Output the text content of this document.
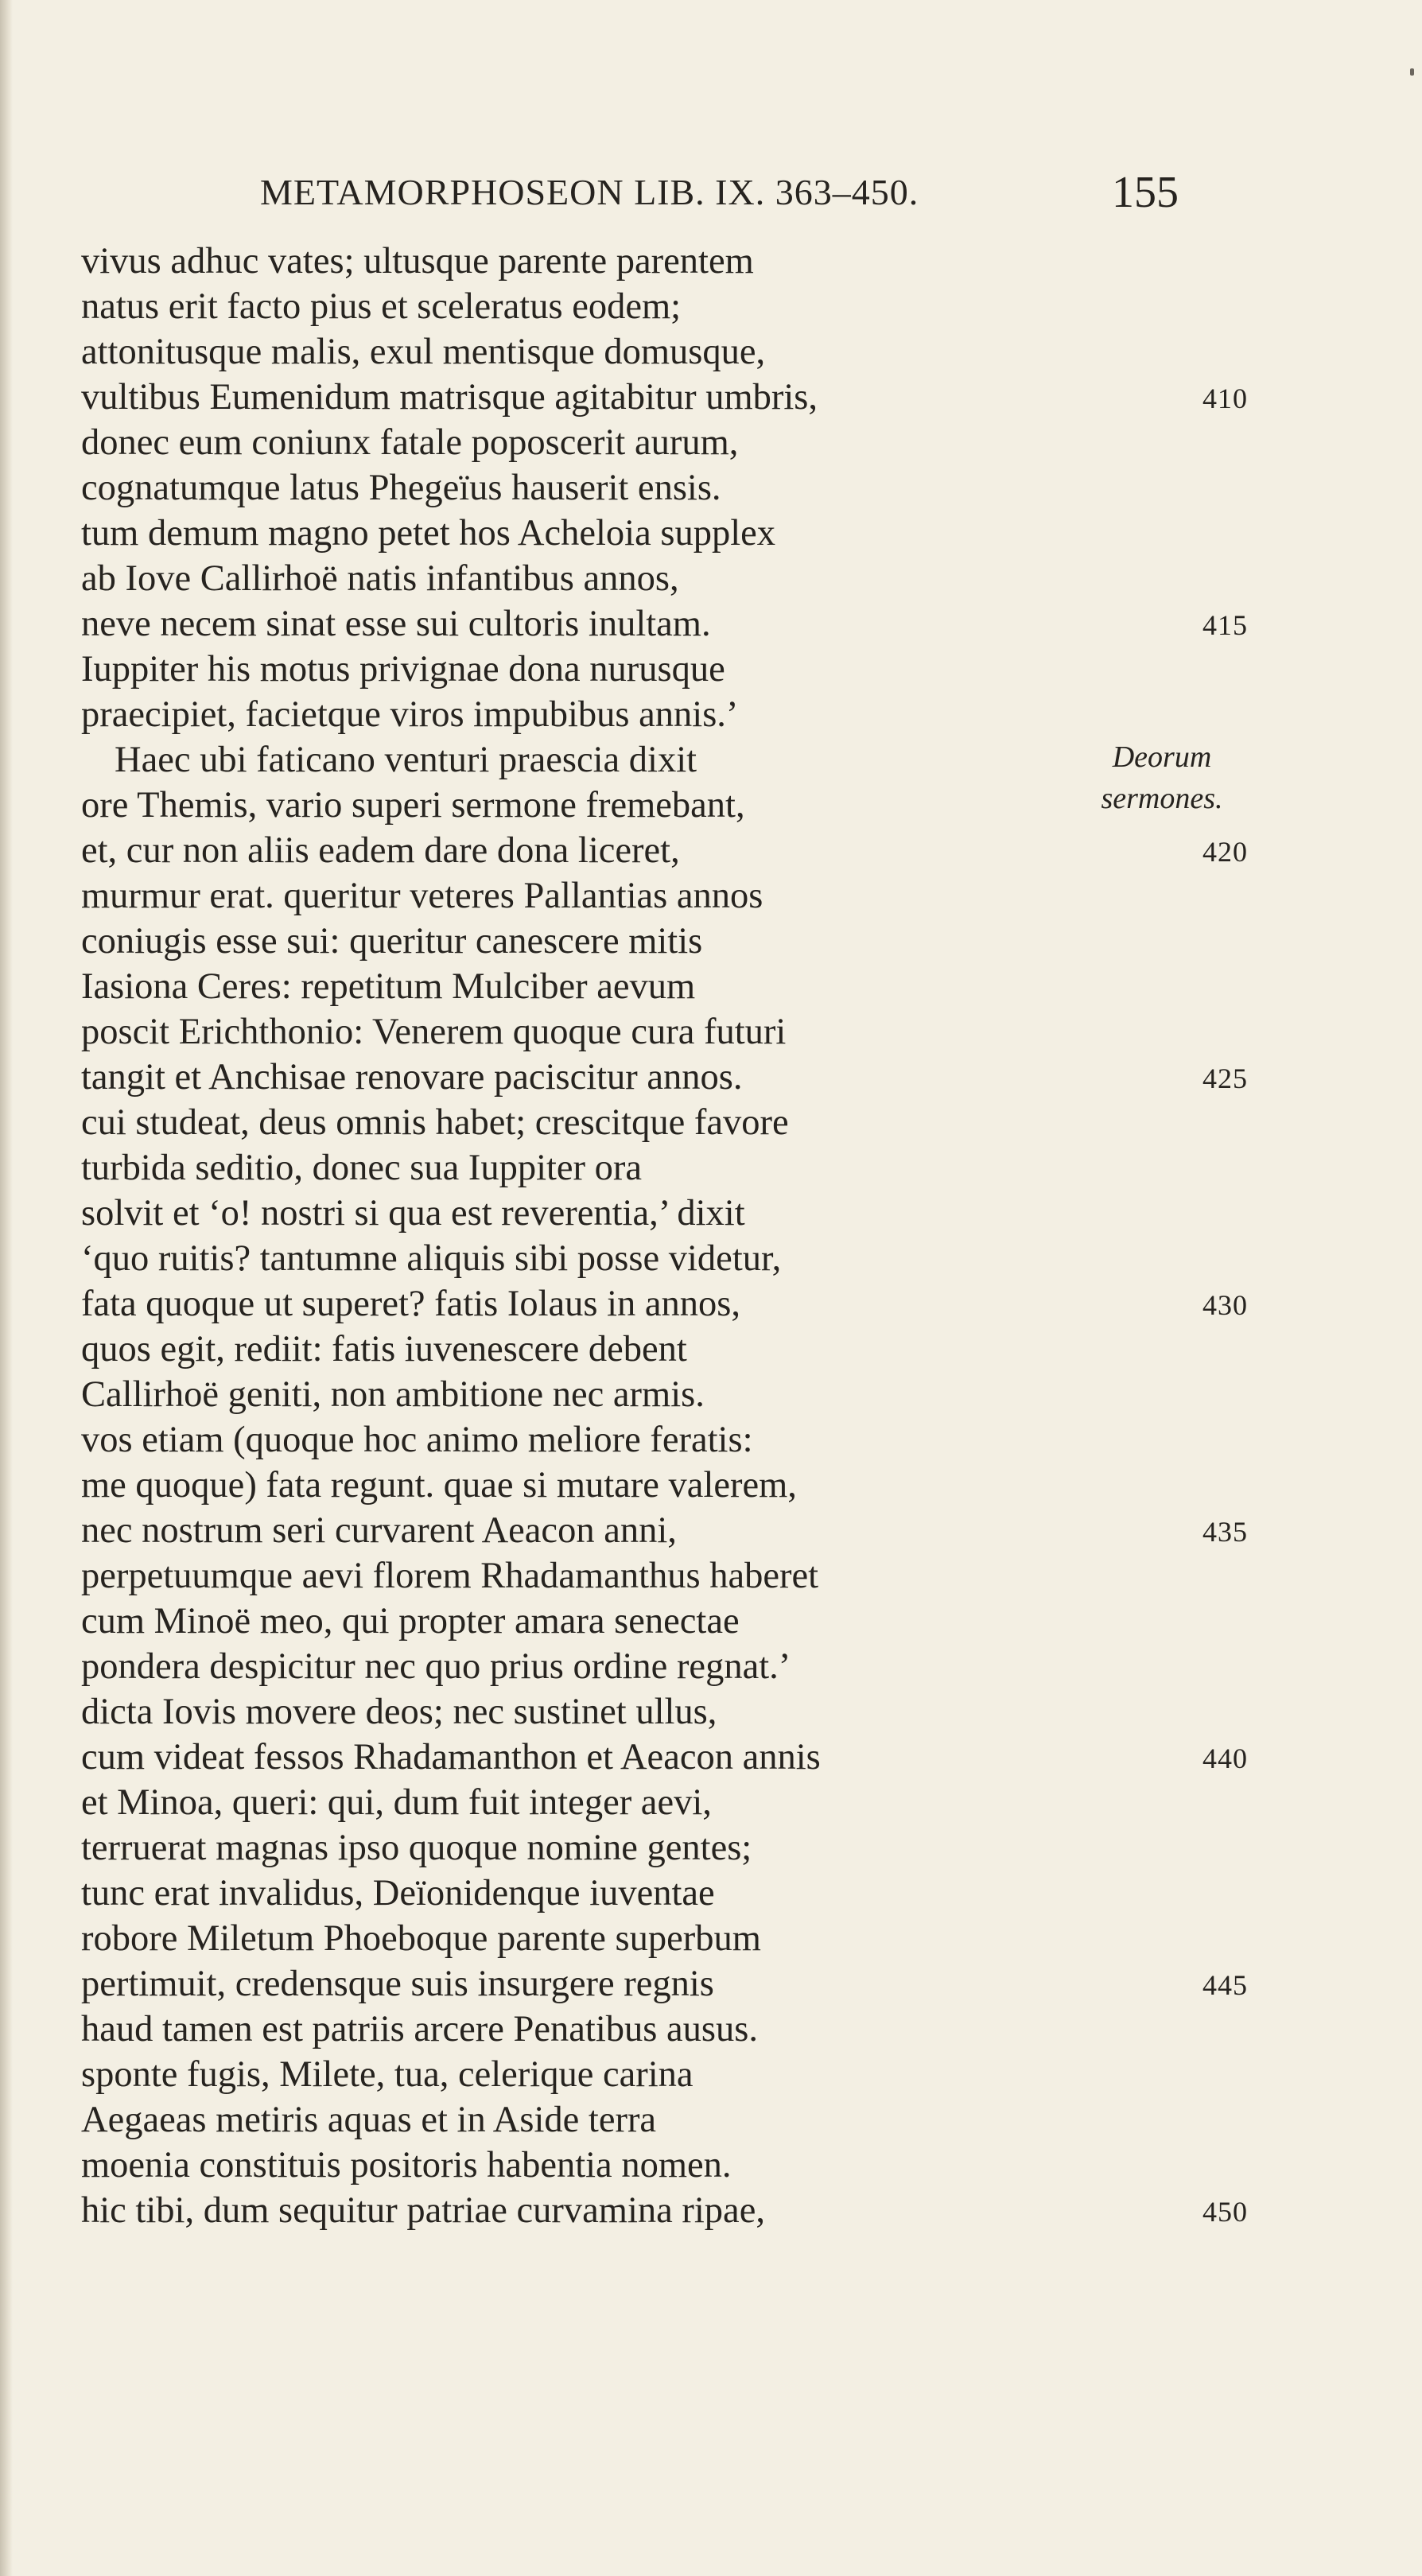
METAMORPHOSEON LIB. IX. 363–450.	155
Deorum
sermones.
vivus adhuc vates; ultusque parente parentem
natus erit facto pius et sceleratus eodem;
attonitusque malis, exul mentisque domusque,
vultibus Eumenidum matrisque agitabitur umbris,	410
donec eum coniunx fatale poposcerit aurum,
cognatumque latus Phegeïus hauserit ensis.
tum demum magno petet hos Acheloia supplex
ab Iove Callirhoë natis infantibus annos,
neve necem sinat esse sui cultoris inultam.	415
Iuppiter his motus privignae dona nurusque
praecipiet, facietque viros impubibus annis.’
Haec ubi faticano venturi praescia dixit
ore Themis, vario superi sermone fremebant,
et, cur non aliis eadem dare dona liceret,	420
murmur erat. queritur veteres Pallantias annos
coniugis esse sui: queritur canescere mitis
Iasiona Ceres: repetitum Mulciber aevum
poscit Erichthonio: Venerem quoque cura futuri
tangit et Anchisae renovare paciscitur annos.	425
cui studeat, deus omnis habet; crescitque favore
turbida seditio, donec sua Iuppiter ora
solvit et ‘o! nostri si qua est reverentia,’ dixit
‘quo ruitis? tantumne aliquis sibi posse videtur,
fata quoque ut superet? fatis Iolaus in annos,	430
quos egit, rediit: fatis iuvenescere debent
Callirhoë geniti, non ambitione nec armis.
vos etiam (quoque hoc animo meliore feratis:
me quoque) fata regunt. quae si mutare valerem,
nec nostrum seri curvarent Aeacon anni,	435
perpetuumque aevi florem Rhadamanthus haberet
cum Minoë meo, qui propter amara senectae
pondera despicitur nec quo prius ordine regnat.’
dicta Iovis movere deos; nec sustinet ullus,
cum videat fessos Rhadamanthon et Aeacon annis	440
et Minoa, queri: qui, dum fuit integer aevi,
terruerat magnas ipso quoque nomine gentes;
tunc erat invalidus, Deïonidenque iuventae
robore Miletum Phoeboque parente superbum
pertimuit, credensque suis insurgere regnis	445
haud tamen est patriis arcere Penatibus ausus.
sponte fugis, Milete, tua, celerique carina
Aegaeas metiris aquas et in Aside terra
moenia constituis positoris habentia nomen.
hic tibi, dum sequitur patriae curvamina ripae,	450
